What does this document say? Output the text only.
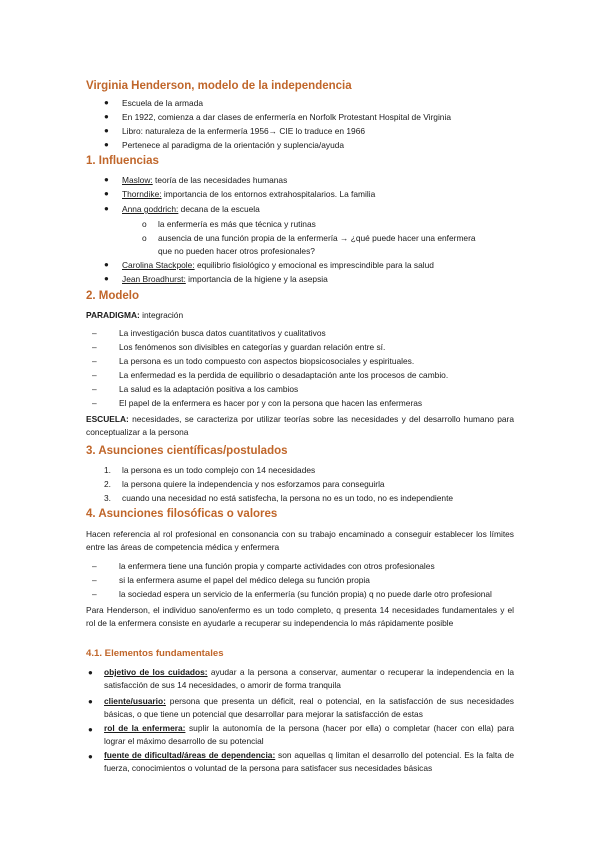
Virginia Henderson, modelo de la independencia
● Escuela de la armada
● En 1922, comienza a dar clases de enfermería en Norfolk Protestant Hospital de Virginia
● Libro: naturaleza de la enfermería 1956→ CIE lo traduce en 1966
● Pertenece al paradigma de la orientación y suplencia/ayuda
1. Influencias
● Maslow: teoría de las necesidades humanas
● Thorndike: importancia de los entornos extrahospitalarios. La familia
● Anna goddrich: decana de la escuela
o la enfermería es más que técnica y rutinas
o ausencia de una función propia de la enfermería → ¿qué puede hacer una enfermera
que no pueden hacer otros profesionales?
● Carolina Stackpole: equilibrio fisiológico y emocional es imprescindible para la salud
● Jean Broadhurst: importancia de la higiene y la asepsia
2. Modelo
PARADIGMA: integración
–	La investigación busca datos cuantitativos y cualitativos
–	Los fenómenos son divisibles en categorías y guardan relación entre sí.
–	La persona es un todo compuesto con aspectos biopsicosociales y espirituales.
–	La enfermedad es la perdida de equilibrio o desadaptación ante los procesos de cambio.
–	La salud es la adaptación positiva a los cambios
–	El papel de la enfermera es hacer por y con la persona que hacen las enfermeras
ESCUELA: necesidades, se caracteriza por utilizar teorías sobre las necesidades y del desarrollo humano para conceptualizar a la persona
3. Asunciones científicas/postulados
1. la persona es un todo complejo con 14 necesidades
2. la persona quiere la independencia y nos esforzamos para conseguirla
3. cuando una necesidad no está satisfecha, la persona no es un todo, no es independiente
4. Asunciones filosóficas o valores
Hacen referencia al rol profesional en consonancia con su trabajo encaminado a conseguir establecer los límites entre las áreas de competencia médica y enfermera
–	la enfermera tiene una función propia y comparte actividades con otros profesionales
–	si la enfermera asume el papel del médico delega su función propia
–	la sociedad espera un servicio de la enfermería (su función propia) q no puede darle otro profesional
Para Henderson, el individuo sano/enfermo es un todo completo, q presenta 14 necesidades fundamentales y el rol de la enfermera consiste en ayudarle a recuperar su independencia lo más rápidamente posible
4.1. Elementos fundamentales
● objetivo de los cuidados: ayudar a la persona a conservar, aumentar o recuperar la independencia en la satisfacción de sus 14 necesidades, o amorir de forma tranquila
● cliente/usuario: persona que presenta un déficit, real o potencial, en la satisfacción de sus necesidades básicas, o que tiene un potencial que desarrollar para mejorar la satisfacción de estas
● rol de la enfermera: suplir la autonomía de la persona (hacer por ella) o completar (hacer con ella) para lograr el máximo desarrollo de su potencial
● fuente de dificultad/áreas de dependencia: son aquellas q limitan el desarrollo del potencial. Es la falta de fuerza, conocimientos o voluntad de la persona para satisfacer sus necesidades básicas
